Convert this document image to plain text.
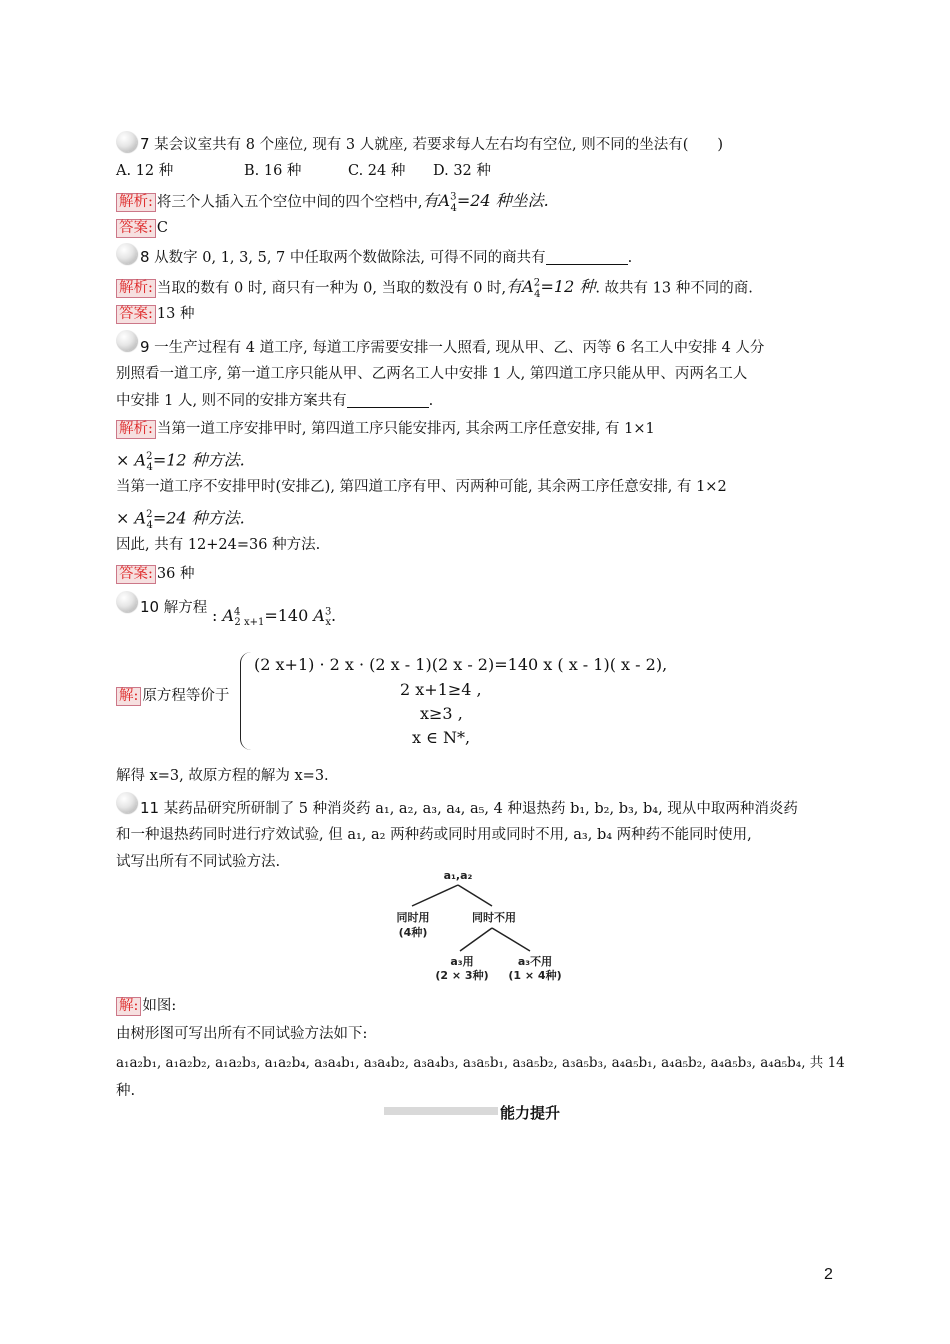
7 某会议室共有 8 个座位, 现有 3 人就座, 若要求每人左右均有空位, 则不同的坐法有(　　)
A. 12 种	B. 16 种	C. 24 种 D. 32 种
解析: 将三个人插入五个空位中间的四个空档中,有$A^3_4=24$ 种坐法.
答案: C
8 从数字 0, 1, 3, 5, 7 中任取两个数做除法, 可得不同的商共有	.
解析: 当取的数有 0 时, 商只有一种为 0, 当取的数没有 0 时,有$A^2_4=12$ 种. 故共有 13 种不同的商.
答案: 13 种
9 一生产过程有 4 道工序, 每道工序需要安排一人照看, 现从甲、乙、丙等 6 名工人中安排 4 人分
别照看一道工序, 第一道工序只能从甲、乙两名工人中安排 1 人, 第四道工序只能从甲、丙两名工人
中安排 1 人, 则不同的安排方案共有	.
解析: 当第一道工序安排甲时, 第四道工序只能安排丙, 其余两工序任意安排, 有 1×1
× $A^2_4=12$ 种方法.
当第一道工序不安排甲时(安排乙), 第四道工序有甲、丙两种可能, 其余两工序任意安排, 有 1×2
× $A^2_4=24$ 种方法.
因此, 共有 12+24=36 种方法.
答案: 36 种
10 解方程 : $A^4_{2 x+1}=140$ $A^3_x$.
解: 原方程等价于
(2 x+1) · 2 x · (2 x - 1)(2 x - 2)=140 x ( x - 1)( x - 2),
2 x+1≥4 ,
x≥3 ,
x ∈ N*,
解得 x=3, 故原方程的解为 x=3.
11 某药品研究所研制了 5 种消炎药 a₁, a₂, a₃, a₄, a₅, 4 种退热药 b₁, b₂, b₃, b₄, 现从中取两种消炎药
和一种退热药同时进行疗效试验, 但 a₁, a₂ 两种药或同时用或同时不用, a₃, b₄ 两种药不能同时使用,
试写出所有不同试验方法.
a₁,a₂
同时用
(4种)
同时不用
a₃用
(2 × 3种)
a₃不用
(1 × 4种)
解: 如图:
由树形图可写出所有不同试验方法如下:
a₁a₂b₁, a₁a₂b₂, a₁a₂b₃, a₁a₂b₄, a₃a₄b₁, a₃a₄b₂, a₃a₄b₃, a₃a₅b₁, a₃a₅b₂, a₃a₅b₃, a₄a₅b₁, a₄a₅b₂, a₄a₅b₃, a₄a₅b₄, 共 14
种.
能力提升
2
